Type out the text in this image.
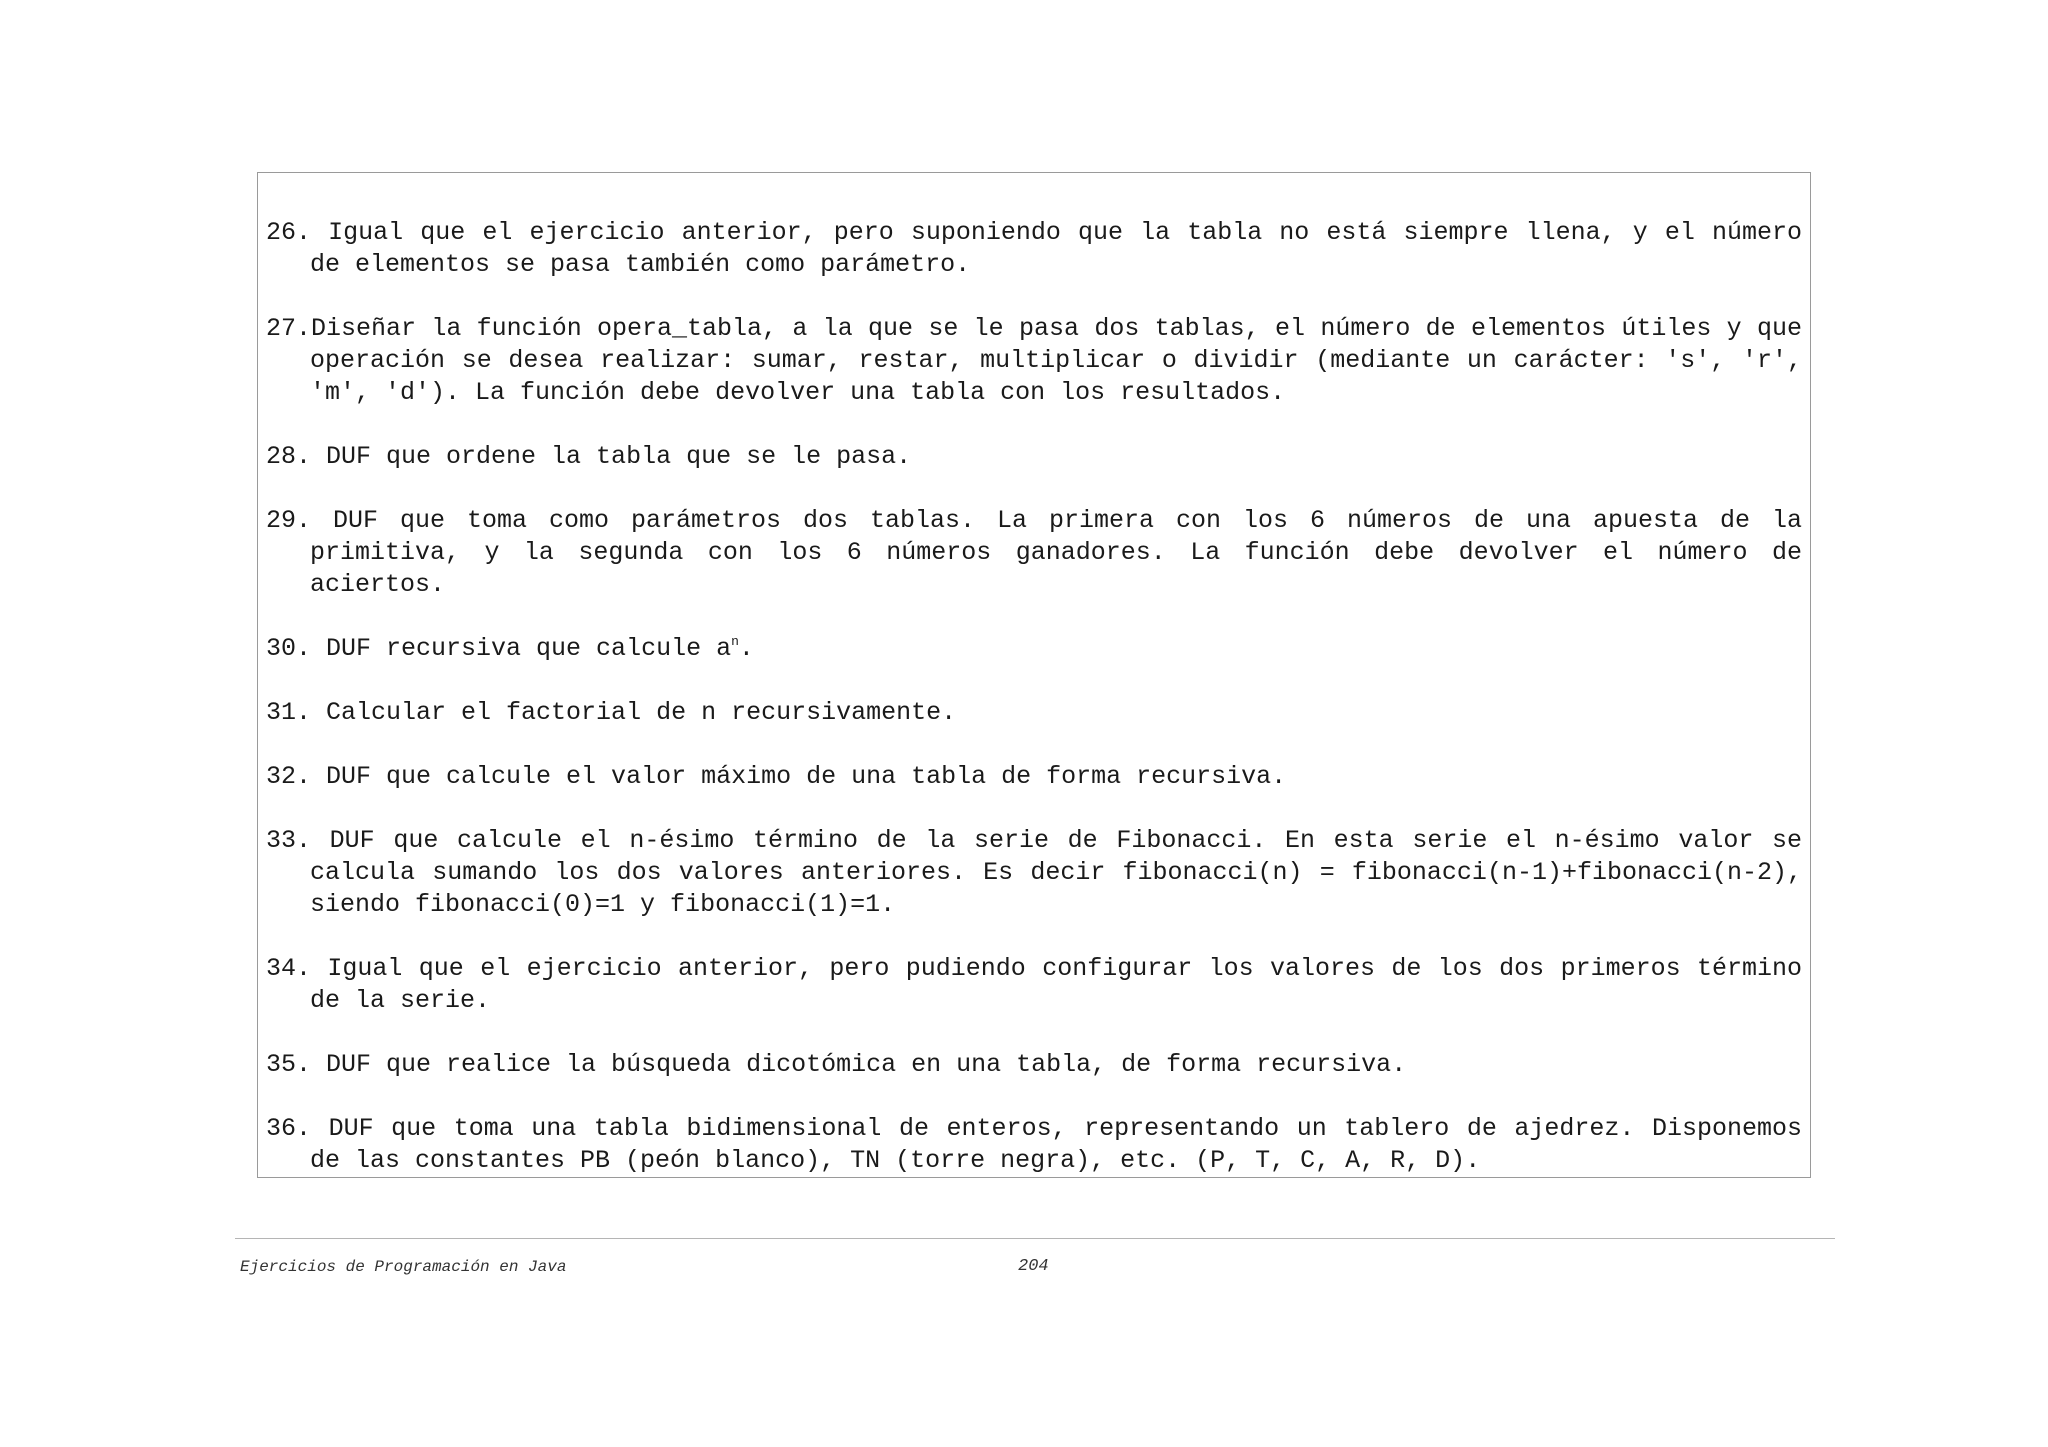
26. Igual que el ejercicio anterior, pero suponiendo que la tabla no está siempre llena, y el número de elementos se pasa también como parámetro.

27.Diseñar la función opera_tabla, a la que se le pasa dos tablas, el número de elementos útiles y que operación se desea realizar: sumar, restar, multiplicar o dividir (mediante un carácter: 's', 'r', 'm', 'd'). La función debe devolver una tabla con los resultados.

28. DUF que ordene la tabla que se le pasa.

29. DUF que toma como parámetros dos tablas. La primera con los 6 números de una apuesta de la primitiva, y la segunda con los 6 números ganadores. La función debe devolver el número de aciertos.

30. DUF recursiva que calcule $a^n$.

31. Calcular el factorial de n recursivamente.

32. DUF que calcule el valor máximo de una tabla de forma recursiva.

33. DUF que calcule el n-ésimo término de la serie de Fibonacci. En esta serie el n-ésimo valor se calcula sumando los dos valores anteriores. Es decir fibonacci(n) = fibonacci(n-1)+fibonacci(n-2), siendo fibonacci(0)=1 y fibonacci(1)=1.

34. Igual que el ejercicio anterior, pero pudiendo configurar los valores de los dos primeros término de la serie.

35. DUF que realice la búsqueda dicotómica en una tabla, de forma recursiva.

36. DUF que toma una tabla bidimensional de enteros, representando un tablero de ajedrez. Disponemos de las constantes PB (peón blanco), TN (torre negra), etc. (P, T, C, A, R, D).

Ejercicios de Programación en Java	204
